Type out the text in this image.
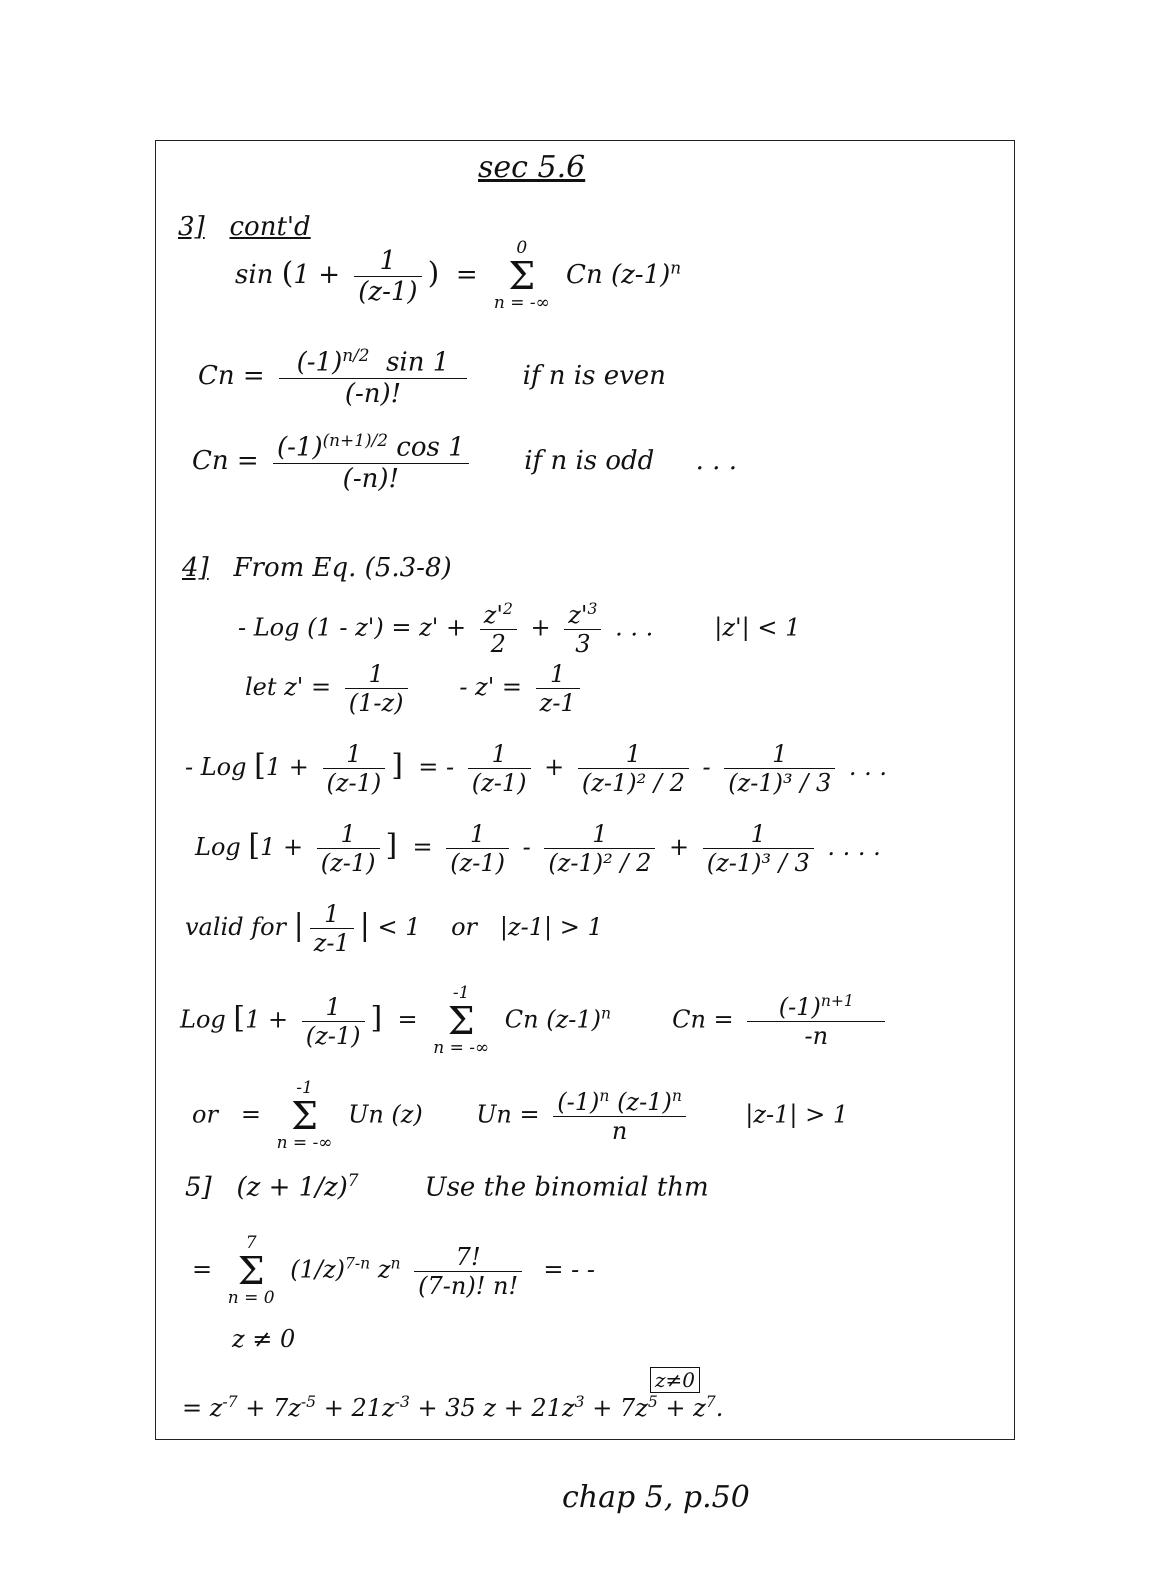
sec 5.6
3] cont'd
$\sin (1 + \frac{1}{(z-1)}$ ) =
0
Σ
n = -∞
Cn $(z-1)^n$
$Cn = \frac{(-1)^{n/2} \sin 1}{(-n)!}$ if n is even
$Cn = \frac{(-1)^{(n+1)/2} \cos 1}{(-n)!}$ if n is odd . . .
4] From Eq. (5.3-8)
- Log $(1 - z') = z' + \frac{z'^2}{2} + \frac{z'^3}{3}$ . . .	|z'| < 1
let $z' = \frac{1}{(1-z)} - z' = \frac{1}{z-1}$
- Log [$1 + \frac{1}{(z-1)}$ ] = - $\frac{1}{(z-1)} + \frac{1}{\text{(z-1)² / 2}} - \frac{1}{\text{(z-1)³ / 3}}$ . . .
Log [$1 + \frac{1}{(z-1)}$ ] = $\frac{1}{(z-1)} - \frac{1}{\text{(z-1)² / 2}} + \frac{1}{\text{(z-1)³ / 3}}$ . . . .
valid for | $\frac{1}{z-1}$ | < 1 or |z-1| > 1
Log [$1 + \frac{1}{(z-1)}$ ] =
-1
Σ
n = -∞
Cn $(z-1)^n$	$Cn = \frac{(-1)^{n+1}}{-n}$
or =
-1
Σ
n = -∞
Un (z) $Un = \frac{(-1)^n (z-1)^n}{n} |z-1| > 1$
5] $(z + 1/z)^7$	Use the binomial thm
=
7
Σ
n = 0
$(1/z)^{7-n}$ $z^n \frac{7!}{(7-n)! n!}$ = - -
z ≠ 0
z≠0
= $z^{-7} + 7z^{-5} + 21z^{-3} + 35$ $z + 21z^3 + 7z^5 + z^7$.
chap 5, p.50
